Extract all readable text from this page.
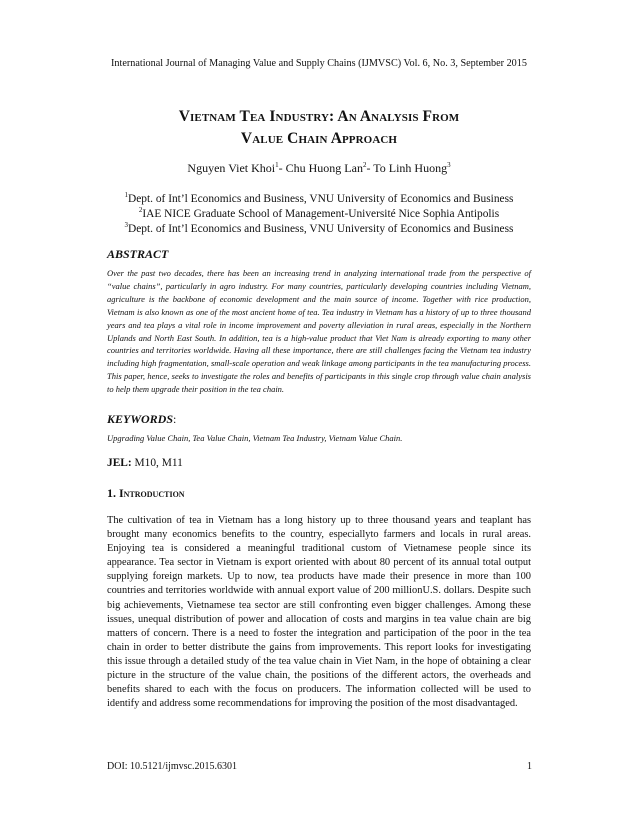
International Journal of Managing Value and Supply Chains (IJMVSC) Vol. 6, No. 3, September 2015
Vietnam Tea Industry: An Analysis From
Value Chain Approach
Nguyen Viet Khoi$^1$- Chu Huong Lan$^2$- To Linh Huong$^3$
$^1$Dept. of Int’l Economics and Business, VNU University of Economics and Business
$^2$IAE NICE Graduate School of Management-Université Nice Sophia Antipolis
$^3$Dept. of Int’l Economics and Business, VNU University of Economics and Business
ABSTRACT
Over the past two decades, there has been an increasing trend in analyzing international trade from the perspective of “value chains”, particularly in agro industry. For many countries, particularly developing countries including Vietnam, agriculture is the backbone of economic development and the main source of income. Together with rice production, Vietnam is also known as one of the most ancient home of tea. Tea industry in Vietnam has a history of up to three thousand years and tea plays a vital role in income improvement and poverty alleviation in rural areas, especially in the Northern Uplands and North East South. In addition, tea is a high-value product that Viet Nam is already exporting to many other countries and territories worldwide. Having all these importance, there are still challenges facing the Vietnam tea industry including high fragmentation, small-scale operation and weak linkage among participants in the tea manufacturing process. This paper, hence, seeks to investigate the roles and benefits of participants in this single crop through value chain analysis to help them upgrade their position in the tea chain.
KEYWORDS:
Upgrading Value Chain, Tea Value Chain, Vietnam Tea Industry, Vietnam Value Chain.
JEL: M10, M11
1. Introduction
The cultivation of tea in Vietnam has a long history up to three thousand years and teaplant has brought many economics benefits to the country, especiallyto farmers and locals in rural areas. Enjoying tea is considered a meaningful traditional custom of Vietnamese people since its appearance. Tea sector in Vietnam is export oriented with about 80 percent of its annual total output supplying foreign markets. Up to now, tea products have made their presence in more than 100 countries and territories worldwide with annual export value of 200 millionU.S. dollars. Despite such big achievements, Vietnamese tea sector are still confronting even bigger challenges. Among these issues, unequal distribution of power and allocation of costs and margins in tea value chain are big matters of concern. There is a need to foster the integration and participation of the poor in the tea chain in order to better distribute the gains from improvements. This report looks for investigating this issue through a detailed study of the tea value chain in Viet Nam, in the hope of obtaining a clear picture in the structure of the value chain, the positions of the different actors, the overheads and benefits shared to each with the focus on producers. The information collected will be used to identify and address some recommendations for improving the position of the most disadvantaged.
DOI: 10.5121/ijmvsc.2015.6301	1
